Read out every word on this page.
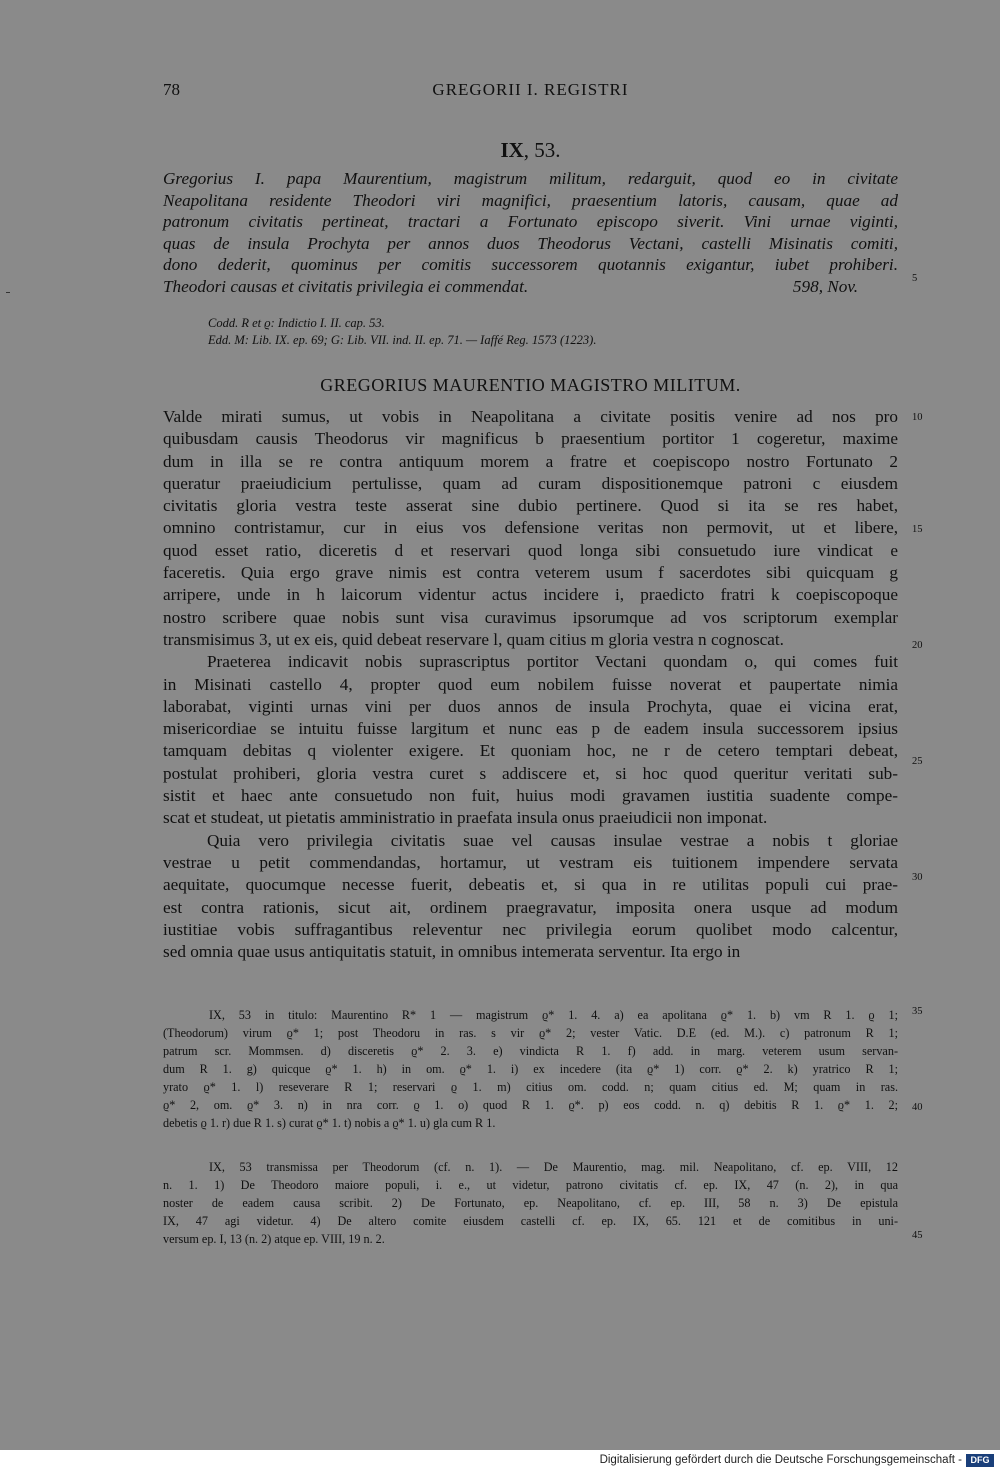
78	GREGORII I. REGISTRI
IX, 53.
Gregorius I. papa Maurentium, magistrum militum, redarguit, quod eo in civitate
Neapolitana residente Theodori viri magnifici, praesentium latoris, causam, quae ad
patronum civitatis pertineat, tractari a Fortunato episcopo siverit. Vini urnae viginti,
quas de insula Prochyta per annos duos Theodorus Vectani, castelli Misinatis comiti,
dono dederit, quominus per comitis successorem quotannis exigantur, iubet prohiberi.
Theodori causas et civitatis privilegia ei commendat.	598, Nov.	5
Codd. R et ϱ: Indictio I. II. cap. 53.
Edd. M: Lib. IX. ep. 69; G: Lib. VII. ind. II. ep. 71. — Iaffé Reg. 1573 (1223).
GREGORIUS MAURENTIO MAGISTRO MILITUM.
Valde mirati sumus, ut vobis in Neapolitana a civitate positis venire ad nos pro
quibusdam causis Theodorus vir magnificus b praesentium portitor 1 cogeretur, maxime
dum in illa se re contra antiquum morem a fratre et coepiscopo nostro Fortunato 2
queratur praeiudicium pertulisse, quam ad curam dispositionemque patroni c eiusdem
civitatis gloria vestra teste asserat sine dubio pertinere. Quod si ita se res habet,
omnino contristamur, cur in eius vos defensione veritas non permovit, ut et libere,
quod esset ratio, diceretis d et reservari quod longa sibi consuetudo iure vindicat e
faceretis. Quia ergo grave nimis est contra veterem usum f sacerdotes sibi quicquam g
arripere, unde in h laicorum videntur actus incidere i, praedicto fratri k coepiscopoque
nostro scribere quae nobis sunt visa curavimus ipsorumque ad vos scriptorum exemplar
transmisimus 3, ut ex eis, quid debeat reservare l, quam citius m gloria vestra n cognoscat.
Praeterea indicavit nobis suprascriptus portitor Vectani quondam o, qui comes fuit
in Misinati castello 4, propter quod eum nobilem fuisse noverat et paupertate nimia
laborabat, viginti urnas vini per duos annos de insula Prochyta, quae ei vicina erat,
misericordiae se intuitu fuisse largitum et nunc eas p de eadem insula successorem ipsius
tamquam debitas q violenter exigere. Et quoniam hoc, ne r de cetero temptari debeat,
postulat prohiberi, gloria vestra curet s addiscere et, si hoc quod queritur veritati sub-
sistit et haec ante consuetudo non fuit, huius modi gravamen iustitia suadente compe-
scat et studeat, ut pietatis amministratio in praefata insula onus praeiudicii non imponat.
Quia vero privilegia civitatis suae vel causas insulae vestrae a nobis t gloriae
vestrae u petit commendandas, hortamur, ut vestram eis tuitionem impendere servata
aequitate, quocumque necesse fuerit, debeatis et, si qua in re utilitas populi cui prae-
est contra rationis, sicut ait, ordinem praegravatur, imposita onera usque ad modum
iustitiae vobis suffragantibus releventur nec privilegia eorum quolibet modo calcentur,
sed omnia quae usus antiquitatis statuit, in omnibus intemerata serventur. Ita ergo in
10
15
20
25
30
IX, 53 in titulo: Maurentino R* 1 — magistrum ϱ* 1. 4. a) ea apolitana ϱ* 1. b) vm R 1. ϱ 1;
(Theodorum) virum ϱ* 1; post Theodoru in ras. s vir ϱ* 2; vester Vatic. D.E (ed. M.). c) patronum R 1;
patrum scr. Mommsen. d) disceretis ϱ* 2. 3. e) vindicta R 1. f) add. in marg. veterem usum servan-
dum R 1. g) quicque ϱ* 1. h) in om. ϱ* 1. i) ex incedere (ita ϱ* 1) corr. ϱ* 2. k) yratrico R 1;
yrato ϱ* 1. l) reseverare R 1; reservari ϱ 1. m) citius om. codd. n; quam citius ed. M; quam in ras.
ϱ* 2, om. ϱ* 3. n) in nra corr. ϱ 1. o) quod R 1. ϱ*. p) eos codd. n. q) debitis R 1. ϱ* 1. 2;
debetis ϱ 1. r) due R 1. s) curat ϱ* 1. t) nobis a ϱ* 1. u) gla cum R 1.
35
40
IX, 53 transmissa per Theodorum (cf. n. 1). — De Maurentio, mag. mil. Neapolitano, cf. ep. VIII, 12
n. 1. 1) De Theodoro maiore populi, i. e., ut videtur, patrono civitatis cf. ep. IX, 47 (n. 2), in qua
noster de eadem causa scribit. 2) De Fortunato, ep. Neapolitano, cf. ep. III, 58 n. 3) De epistula
IX, 47 agi videtur. 4) De altero comite eiusdem castelli cf. ep. IX, 65. 121 et de comitibus in uni-
versum ep. I, 13 (n. 2) atque ep. VIII, 19 n. 2.	45
Digitalisierung gefördert durch die Deutsche Forschungsgemeinschaft - DFG
